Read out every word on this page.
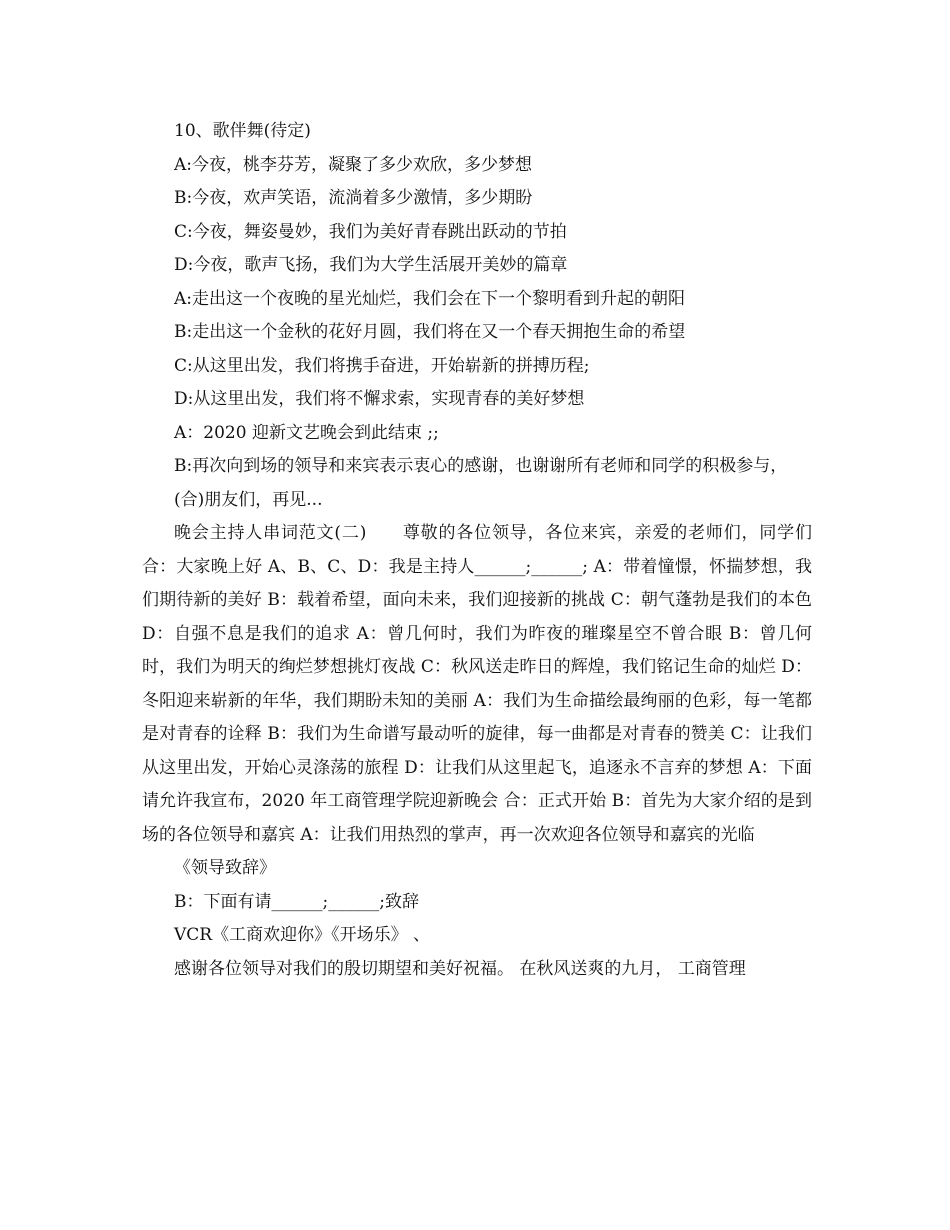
10、歌伴舞(待定)
A:今夜，桃李芬芳，凝聚了多少欢欣，多少梦想
B:今夜，欢声笑语，流淌着多少激情，多少期盼
C:今夜，舞姿曼妙，我们为美好青春跳出跃动的节拍
D:今夜，歌声飞扬，我们为大学生活展开美妙的篇章
A:走出这一个夜晚的星光灿烂，我们会在下一个黎明看到升起的朝阳
B:走出这一个金秋的花好月圆，我们将在又一个春天拥抱生命的希望
C:从这里出发，我们将携手奋进，开始崭新的拼搏历程;
D:从这里出发，我们将不懈求索，实现青春的美好梦想
A：2020 迎新文艺晚会到此结束 ;;
B:再次向到场的领导和来宾表示衷心的感谢，也谢谢所有老师和同学的积极参与，
(合)朋友们，再见...
晚会主持人串词范文(二)　　尊敬的各位领导，各位来宾，亲爱的老师们，同学们 合：大家晚上好 A、B、C、D：我是主持人______;______; A：带着憧憬，怀揣梦想，我们期待新的美好 B：载着希望，面向未来，我们迎接新的挑战 C：朝气蓬勃是我们的本色 D：自强不息是我们的追求 A：曾几何时，我们为昨夜的璀璨星空不曾合眼 B：曾几何时，我们为明天的绚烂梦想挑灯夜战 C：秋风送走昨日的辉煌，我们铭记生命的灿烂 D：冬阳迎来崭新的年华，我们期盼未知的美丽 A：我们为生命描绘最绚丽的色彩，每一笔都是对青春的诠释 B：我们为生命谱写最动听的旋律，每一曲都是对青春的赞美 C：让我们从这里出发，开始心灵涤荡的旅程 D：让我们从这里起飞，追逐永不言弃的梦想 A：下面请允许我宣布，2020 年工商管理学院迎新晚会 合：正式开始 B：首先为大家介绍的是到场的各位领导和嘉宾 A：让我们用热烈的掌声，再一次欢迎各位领导和嘉宾的光临
《领导致辞》
B：下面有请______;______;致辞
VCR《工商欢迎你》《开场乐》 、
感谢各位领导对我们的殷切期望和美好祝福。 在秋风送爽的九月， 工商管理
